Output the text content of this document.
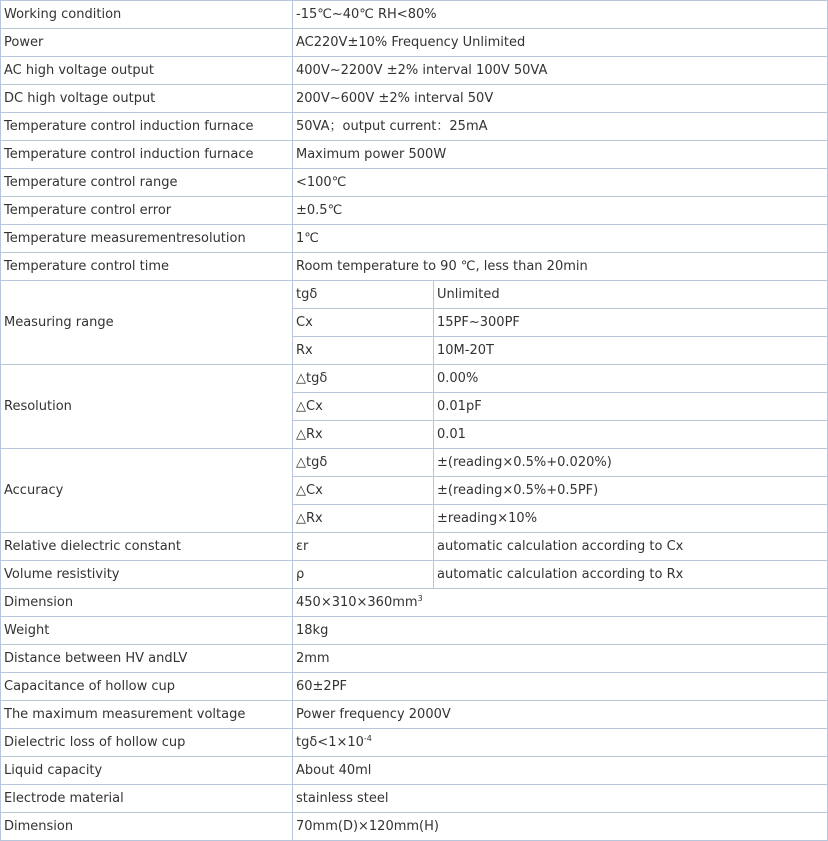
Working condition	-15℃~40℃ RH<80%	
Power	AC220V±10% Frequency Unlimited	
AC high voltage output	400V~2200V ±2% interval 100V 50VA	
DC high voltage output	200V~600V ±2% interval 50V	
Temperature control induction furnace	50VA；output current：25mA	
Temperature control induction furnace	Maximum power 500W	
Temperature control range	<100℃	
Temperature control error	±0.5℃	
Temperature measurementresolution	1℃	
Temperature control time	Room temperature to 90 ℃, less than 20min	
Measuring range	tgδ	Unlimited
	Cx	15PF~300PF
	Rx	10M-20T
Resolution	△tgδ	0.00%
	△Cx	0.01pF
	△Rx	0.01
Accuracy	△tgδ	±(reading×0.5%+0.020%)
	△Cx	±(reading×0.5%+0.5PF)
	△Rx	±reading×10%
Relative dielectric constant	εr	automatic calculation according to Cx
Volume resistivity	ρ	automatic calculation according to Rx
Dimension	$450\times 310\times 360mm^3$
Weight	18kg	
Distance between HV andLV	2mm	
Capacitance of hollow cup	60±2PF	
The maximum measurement voltage	Power frequency 2000V	
Dielectric loss of hollow cup	$tg\delta<1\times 10^{-4}$
Liquid capacity	About 40ml	
Electrode material	stainless steel	
Dimension	70mm(D)×120mm(H)	
